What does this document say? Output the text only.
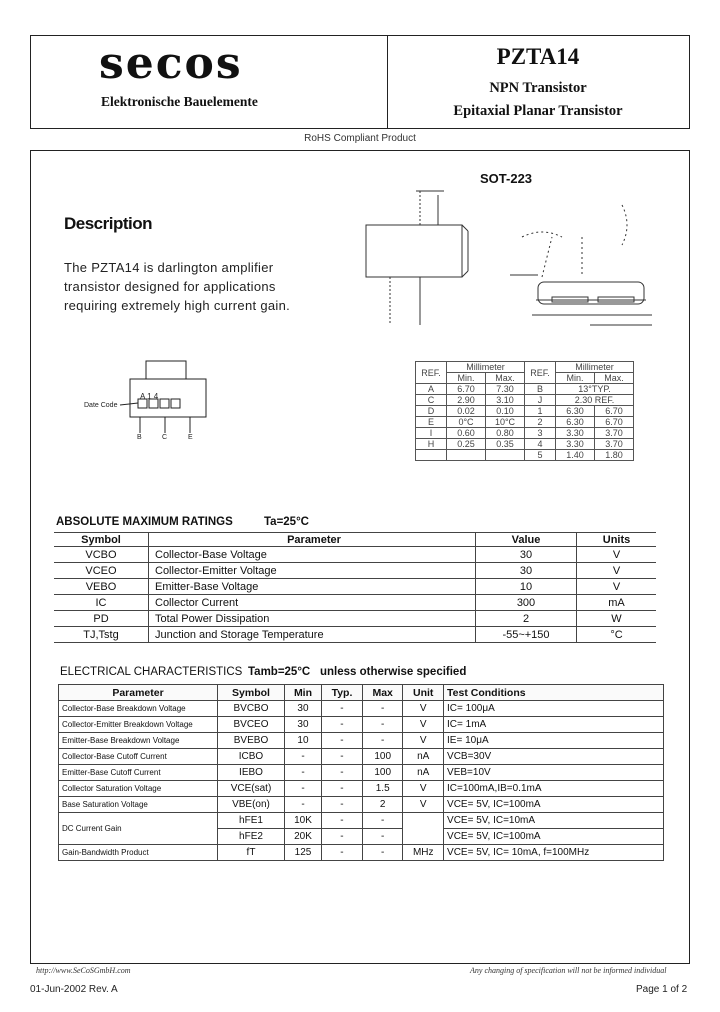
secos
Elektronische Bauelemente
PZTA14
NPN Transistor
Epitaxial Planar Transistor
RoHS Compliant Product
SOT-223
Description
The PZTA14 is darlington amplifier transistor designed for applications requiring extremely high current gain.
Date Code
A 1 4
B	C	E
REF.	Millimeter		REF.	Millimeter	
	Min.	Max.		Min.	Max.
A	6.70	7.30	B	13°TYP.	
C	2.90	3.10	J	2.30 REF.	
D	0.02	0.10	1	6.30	6.70
E	0°C	10°C	2	6.30	6.70
I	0.60	0.80	3	3.30	3.70
H	0.25	0.35	4	3.30	3.70
			5	1.40	1.80
ABSOLUTE MAXIMUM RATINGS	Ta=25°C
Symbol	Parameter	Value	Units
VCBO	Collector-Base Voltage	30	V
VCEO	Collector-Emitter Voltage	30	V
VEBO	Emitter-Base Voltage	10	V
IC	Collector Current	300	mA
PD	Total Power Dissipation	2	W
TJ,Tstg	Junction and Storage Temperature	-55~+150	°C
ELECTRICAL CHARACTERISTICS Tamb=25°C unless otherwise specified
Parameter	Symbol	Min	Typ.	Max	Unit	Test Conditions
Collector-Base Breakdown Voltage	BVCBO	30	-	-	V	IC= 100μA
Collector-Emitter Breakdown Voltage	BVCEO	30	-	-	V	IC= 1mA
Emitter-Base Breakdown Voltage	BVEBO	10	-	-	V	IE= 10μA
Collector-Base Cutoff Current	ICBO	-	-	100	nA	VCB=30V
Emitter-Base Cutoff Current	IEBO	-	-	100	nA	VEB=10V
Collector Saturation Voltage	VCE(sat)	-	-	1.5	V	IC=100mA,IB=0.1mA
Base Saturation Voltage	VBE(on)	-	-	2	V	VCE= 5V, IC=100mA
DC Current Gain	hFE1	10K	-	-		VCE= 5V, IC=10mA
	hFE2	20K	-	-		VCE= 5V, IC=100mA
Gain-Bandwidth Product	fT	125	-	-	MHz	VCE= 5V, IC= 10mA, f=100MHz
http://www.SeCoSGmbH.com	Any changing of specification will not be informed individual
01-Jun-2002 Rev. A	Page 1 of 2
